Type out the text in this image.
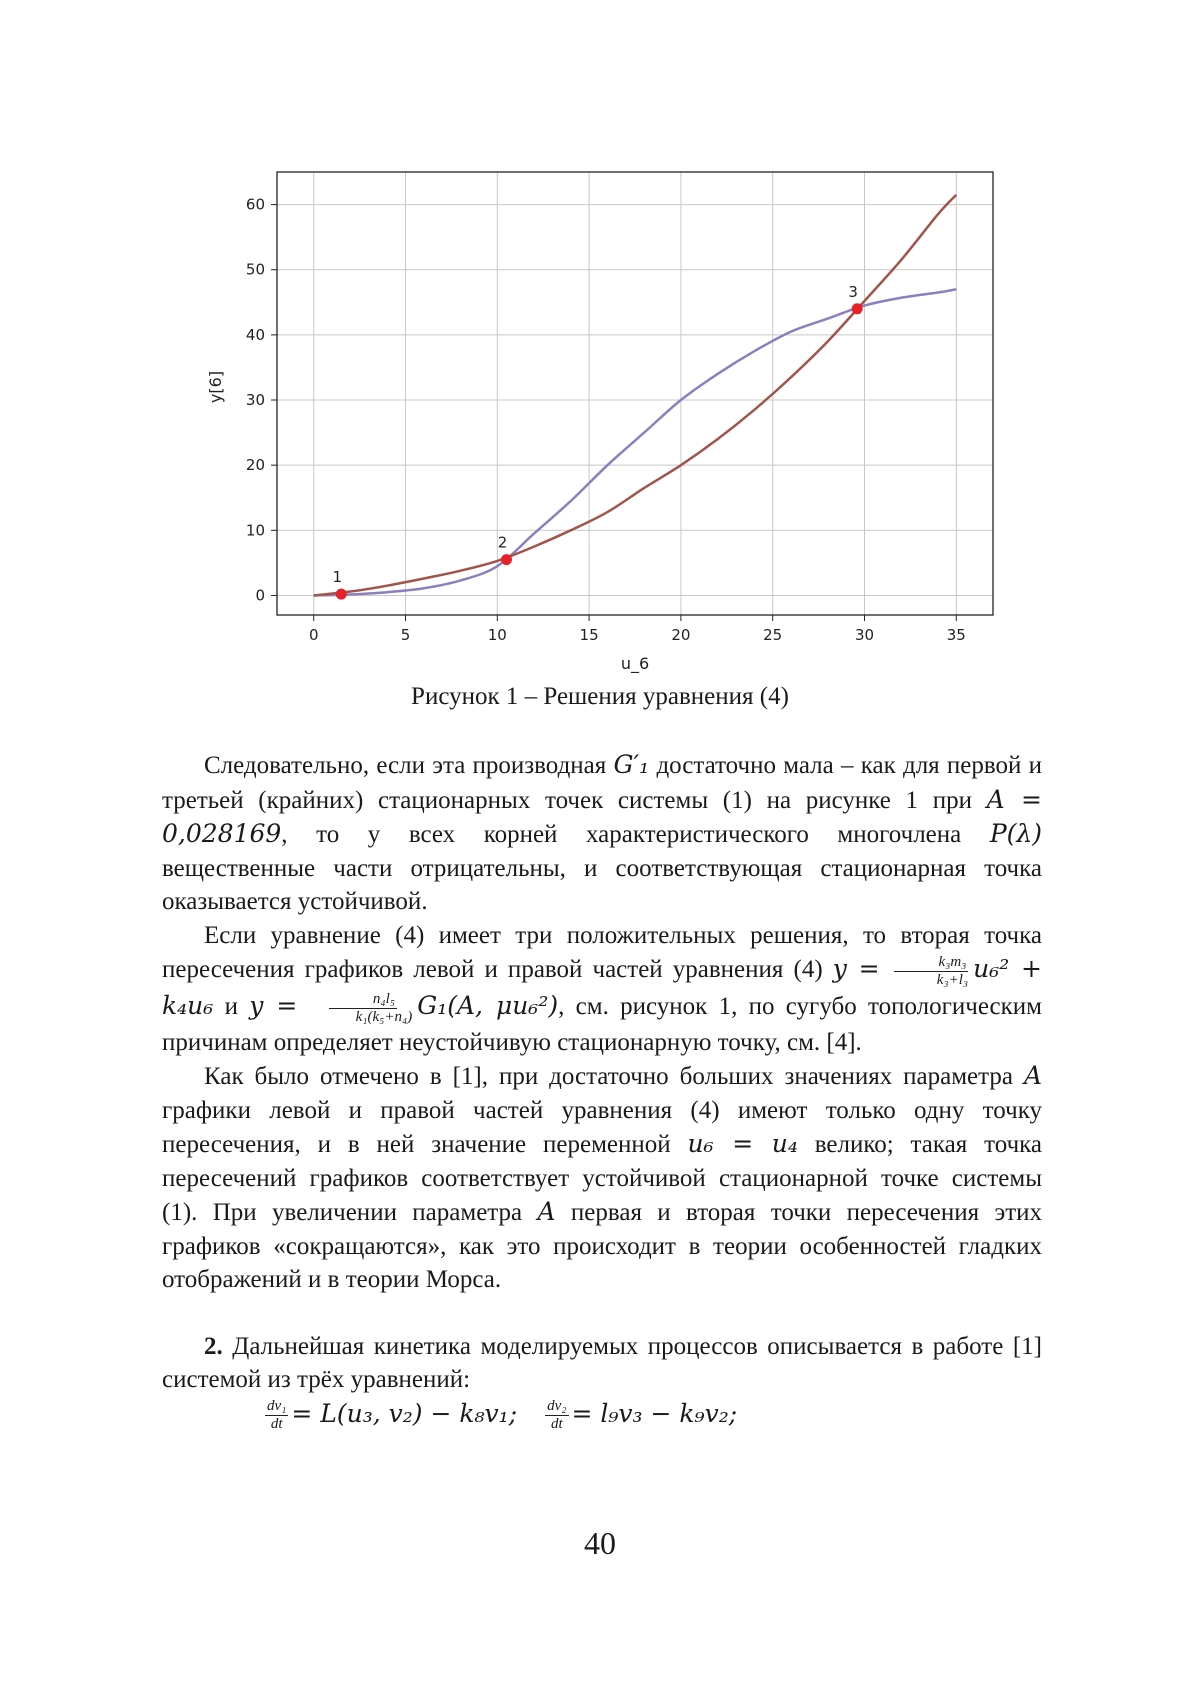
0	5	10	15	20	25	30	35
0
10
20
30
40
50
60
1
2
3
u_6
y[6]
Рисунок 1 – Решения уравнения (4)

Следовательно, если эта производная G′₁ достаточно мала – как для первой и третьей (крайних) стационарных точек системы (1) на рисунке 1 при A = 0,028169, то у всех корней характеристического многочлена P(λ) вещественные части отрицательны, и соответствующая стационарная точка оказывается устойчивой.

Если уравнение (4) имеет три положительных решения, то вторая точка пересечения графиков левой и правой частей уравнения (4) $y = \frac{\text{k₃m₃}}{\text{k₃+l₃}} u_6^2 + k_4u_6$ и $y = \frac{\text{n₄l₅}}{\text{k₁(k₅+n₄)}} G_1(A$, μu₆²), см. рисунок 1, по сугубо топологическим причинам определяет неустойчивую стационарную точку, см. [4].

Как было отмечено в [1], при достаточно больших значениях параметра A графики левой и правой частей уравнения (4) имеют только одну точку пересечения, и в ней значение переменной u₆ = u₄ велико; такая точка пересечений графиков соответствует устойчивой стационарной точке системы (1). При увеличении параметра A первая и вторая точки пересечения этих графиков «сокращаются», как это происходит в теории особенностей гладких отображений и в теории Морса.

2. Дальнейшая кинетика моделируемых процессов описывается в работе [1] системой из трёх уравнений:

$\frac{\text{dv₁}}{dt} = L(u_3$, v₂) − k₈v₁; $\frac{\text{dv₂}}{dt} = l_9v_3 - k_9v_2$;

40
